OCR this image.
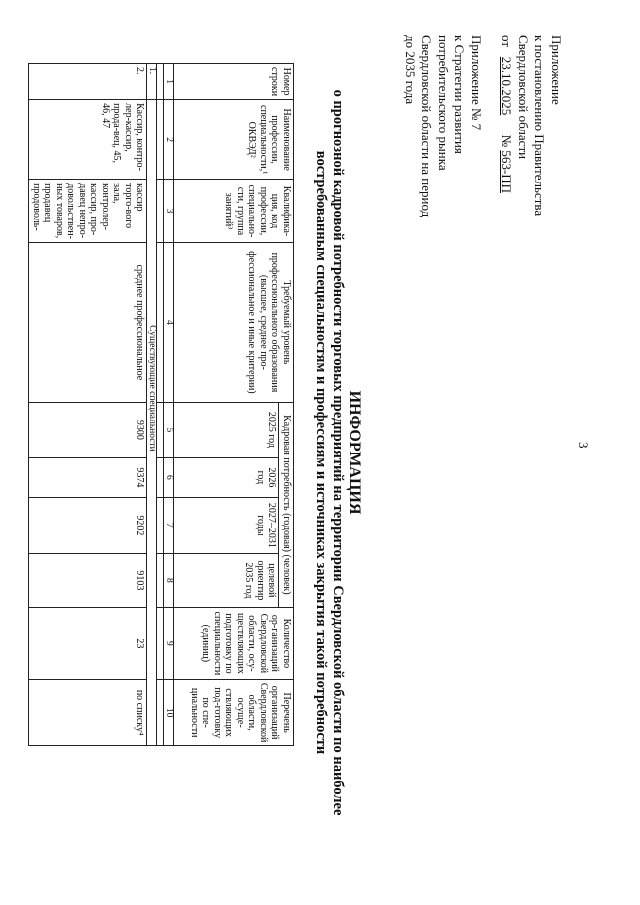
3
Приложение
к постановлению Правительства
Свердловской области
от   23.10.2025      № 563-ПП
Приложение № 7
к Стратегии развития
потребительского рынка
Свердловской области на период
до 2035 года
ИНФОРМАЦИЯ
о прогнозной кадровой потребности торговых предприятий на территории Свердловской области по наиболее
востребованным специальностям и профессиям и источниках закрытия такой потребности
Номер строки	Наименование профессии, специальности,¹ ОКВЭД²	Квалифика-ция, код профессии, специально-сти, группа занятий³	Требуемый уровень профессионального образования (высшее, среднее про-фессиональное и иные критерии)	Кадровая потребность (годовая) (человек)				Количество ор-ганизаций Свердловской области, осу-ществляющих подготовку по специальности (единиц)	Перечень организаций Свердловской области, осуще-ствляющих под-готовку по спе-циальности
				2025 год	2026 год	2027–2031 годы	целевой ориентир 2035 год		
1	2	3	4	5	6	7	8	9	10

1.	Существующие специальности								
2.	Кассир, контро-лер-кассир, прода-вец, 45, 46, 47	кассир торго-вого зала, контролер-кассир, про-давец непро-довольствен-ных товаров, продавец продоволь-	среднее профессиональное	9300	9374	9202	9103	23	по списку⁴
